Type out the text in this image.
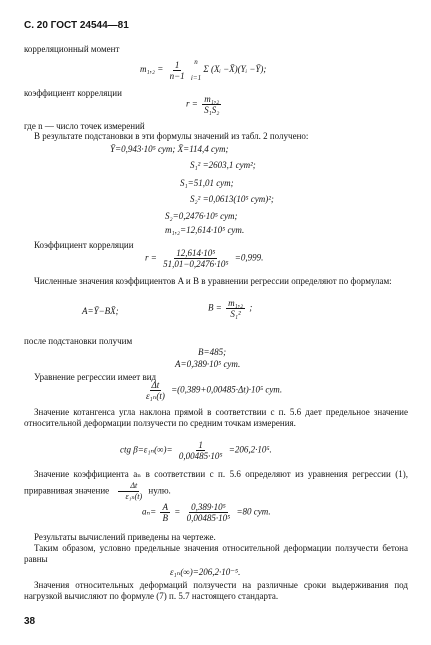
С. 20 ГОСТ 24544—81
корреляционный момент
$m_1,_2 = \frac{1}{n-1}$
n
i=1
Σ (Xᵢ −X̄)(Yᵢ −Ȳ);
коэффициент корреляции
$r = \frac{\text{m₁,₂}}{\text{S₁S₂}}$
где n — число точек измерений
В результате подстановки в эти формулы значений из табл. 2 получено:
Ȳ=0,943·10⁵ сут; X̄=114,4 сут;
S₁² =2603,1 сут²;
S₁=51,01 сут;
S₂² =0,0613(10⁵ сут)²;
S₂=0,2476·10⁵ сут;
m₁,₂=12,614·10⁵ сут.
Коэффициент корреляции
$r = \frac{\text{12,614·10⁵}}{\text{51,01−0,2476·10⁵}} =0,999$.
Численные значения коэффициентов A и B в уравнении регрессии определяют по формулам:
A=Ȳ−BX̄;	$B = \frac{\text{m₁,₂}}{\text{S₁²}}$ ;
после подстановки получим
B=485;
A=0,389·10⁵ сут.
Уравнение регрессии имеет вид
$\frac{\Delta t}{\text{ε₁ₙ(t)}} =(0,389+0,00485\cdot\Delta t)\cdot 10^5$ сут.
Значение котангенса угла наклона прямой в соответствии с п. 5.6 дает предельное значение относительной деформации ползучести по средним точкам измерения.
ctg $\beta=\varepsilon_{1n}(\infty)= \frac{1}{\text{0,00485·10⁵}} =206,2\cdot 10^5$.
Значение коэффициента aₙ в соответствии с п. 5.6 определяют из уравнения регрессии (1), приравнивая значение $\frac{\Delta t}{\text{ε₁ₙ(t)}}$ нулю.
$a_n= \frac{A}{B} = \frac{\text{0,389·10⁵}}{\text{0,00485·10⁵}} =80$ сут.
Результаты вычислений приведены на чертеже.
Таким образом, условно предельные значения относительной деформации ползучести бетона равны
ε₁ₙ(∞)=206,2·10⁻⁵.
Значения относительных деформаций ползучести на различные сроки выдерживания под нагрузкой вычисляют по формуле (7) п. 5.7 настоящего стандарта.
38
